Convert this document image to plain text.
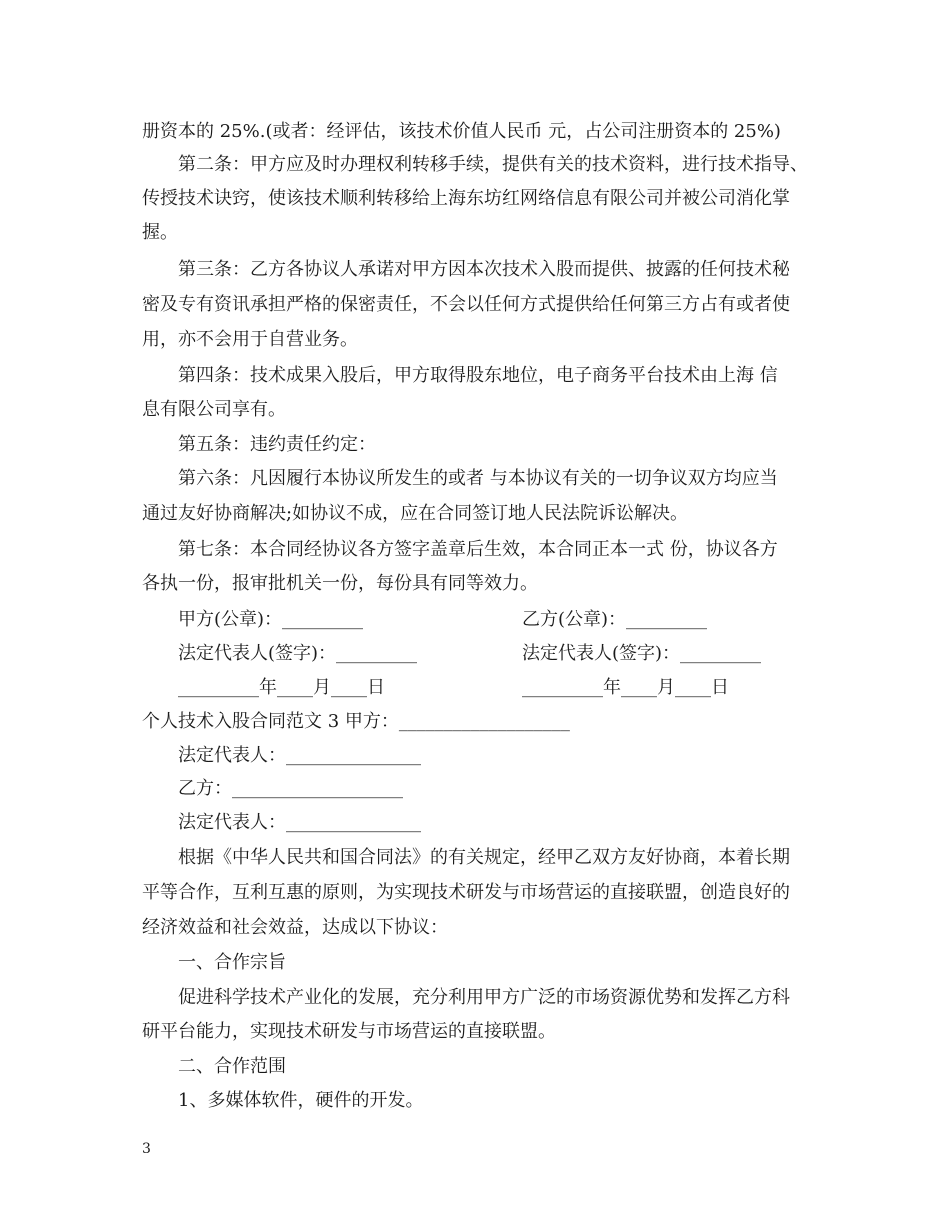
册资本的 25%.(或者：经评估，该技术价值人民币 元，占公司注册资本的 25%)
第二条：甲方应及时办理权利转移手续，提供有关的技术资料，进行技术指导、
传授技术诀窍，使该技术顺利转移给上海东坊红网络信息有限公司并被公司消化掌
握。
第三条：乙方各协议人承诺对甲方因本次技术入股而提供、披露的任何技术秘
密及专有资讯承担严格的保密责任，不会以任何方式提供给任何第三方占有或者使
用，亦不会用于自营业务。
第四条：技术成果入股后，甲方取得股东地位，电子商务平台技术由上海 信
息有限公司享有。
第五条：违约责任约定：
第六条：凡因履行本协议所发生的或者 与本协议有关的一切争议双方均应当
通过友好协商解决;如协议不成，应在合同签订地人民法院诉讼解决。
第七条：本合同经协议各方签字盖章后生效，本合同正本一式 份，协议各方
各执一份，报审批机关一份，每份具有同等效力。
甲方(公章)：_________	乙方(公章)：_________
法定代表人(签字)：_________	法定代表人(签字)：_________
_________年____月____日	_________年____月____日
个人技术入股合同范文 3 甲方：___________________
法定代表人：_______________
乙方：___________________
法定代表人：_______________
根据《中华人民共和国合同法》的有关规定，经甲乙双方友好协商，本着长期
平等合作，互利互惠的原则，为实现技术研发与市场营运的直接联盟，创造良好的
经济效益和社会效益，达成以下协议：
一、合作宗旨
促进科学技术产业化的发展，充分利用甲方广泛的市场资源优势和发挥乙方科
研平台能力，实现技术研发与市场营运的直接联盟。
二、合作范围
1、多媒体软件，硬件的开发。
3
